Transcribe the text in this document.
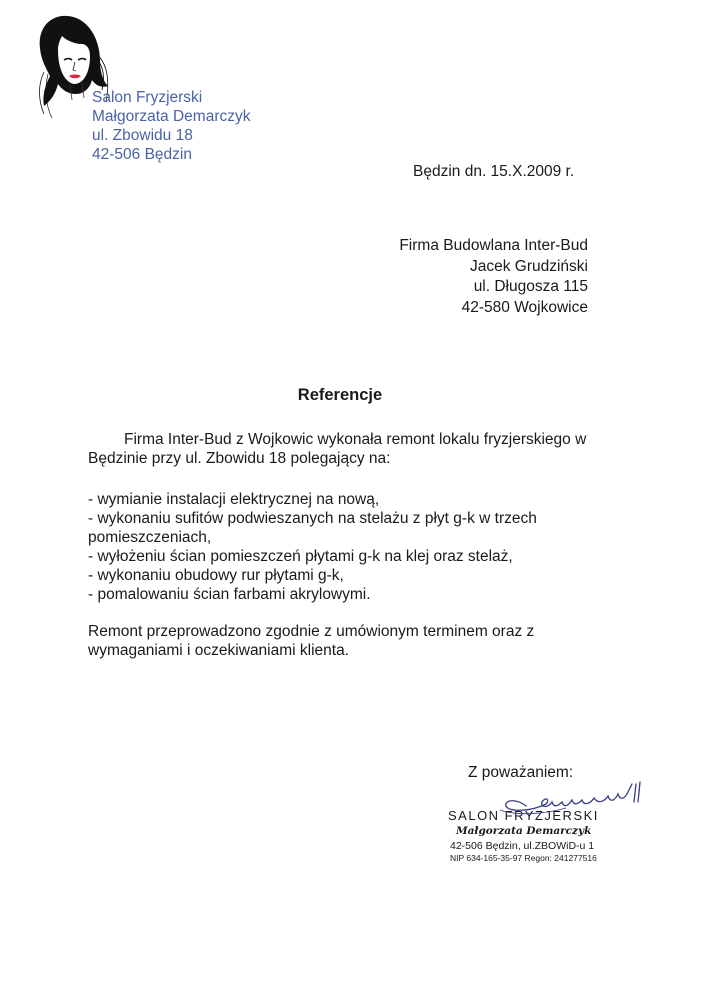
Salon Fryzjerski
Małgorzata Demarczyk
ul. Zbowidu 18
42-506 Będzin
Będzin dn. 15.X.2009 r.
Firma Budowlana Inter-Bud
Jacek Grudziński
ul. Długosza 115
42-580 Wojkowice
Referencje

Firma Inter-Bud z Wojkowic wykonała remont lokalu fryzjerskiego w Będzinie przy ul. Zbowidu 18 polegający na:

- wymianie instalacji elektrycznej na nową,
- wykonaniu sufitów podwieszanych na stelażu z płyt g-k w trzech pomieszczeniach,
- wyłożeniu ścian pomieszczeń płytami g-k na klej oraz stelaż,
- wykonaniu obudowy rur płytami g-k,
- pomalowaniu ścian farbami akrylowymi.

Remont przeprowadzono zgodnie z umówionym terminem oraz z wymaganiami i oczekiwaniami klienta.

Z poważaniem:
SALON FRYZJERSKI
Małgorzata Demarczyk
42-506 Będzin, ul.ZBOWiD-u 1
NIP 634-165-35-97 Regon: 241277516
